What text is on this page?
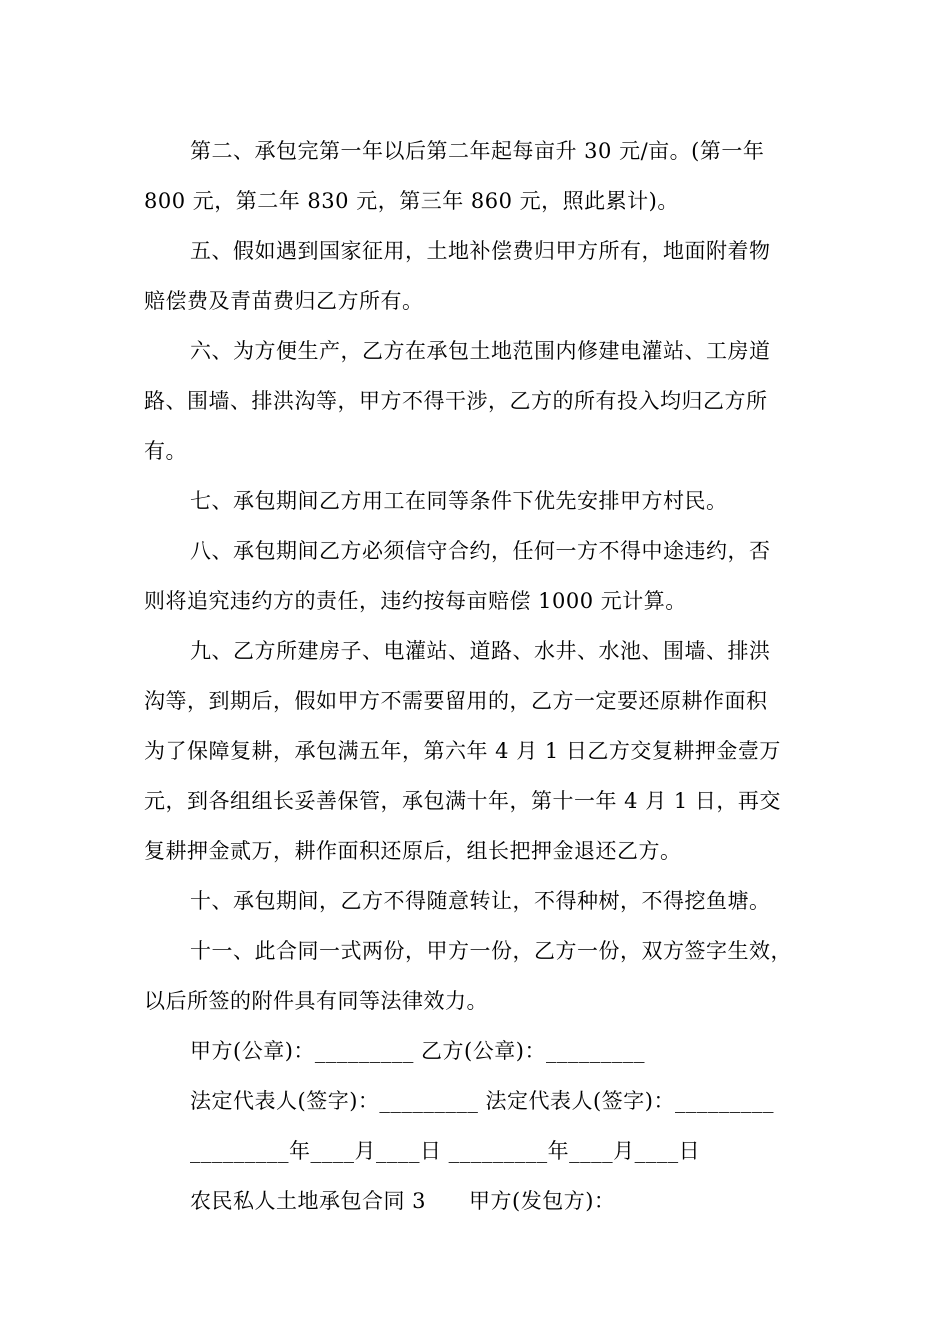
第二、承包完第一年以后第二年起每亩升 30 元/亩。(第一年
800 元，第二年 830 元，第三年 860 元，照此累计)。
五、假如遇到国家征用，土地补偿费归甲方所有，地面附着物
赔偿费及青苗费归乙方所有。
六、为方便生产，乙方在承包土地范围内修建电灌站、工房道
路、围墙、排洪沟等，甲方不得干涉，乙方的所有投入均归乙方所
有。
七、承包期间乙方用工在同等条件下优先安排甲方村民。
八、承包期间乙方必须信守合约，任何一方不得中途违约，否
则将追究违约方的责任，违约按每亩赔偿 1000 元计算。
九、乙方所建房子、电灌站、道路、水井、水池、围墙、排洪
沟等，到期后，假如甲方不需要留用的，乙方一定要还原耕作面积
为了保障复耕，承包满五年，第六年 4 月 1 日乙方交复耕押金壹万
元，到各组组长妥善保管，承包满十年，第十一年 4 月 1 日，再交
复耕押金贰万，耕作面积还原后，组长把押金退还乙方。
十、承包期间，乙方不得随意转让，不得种树，不得挖鱼塘。
十一、此合同一式两份，甲方一份，乙方一份，双方签字生效，
以后所签的附件具有同等法律效力。
甲方(公章)：_________ 乙方(公章)：_________
法定代表人(签字)：_________ 法定代表人(签字)：_________
_________年____月____日 _________年____月____日
农民私人土地承包合同 3　　甲方(发包方)：
